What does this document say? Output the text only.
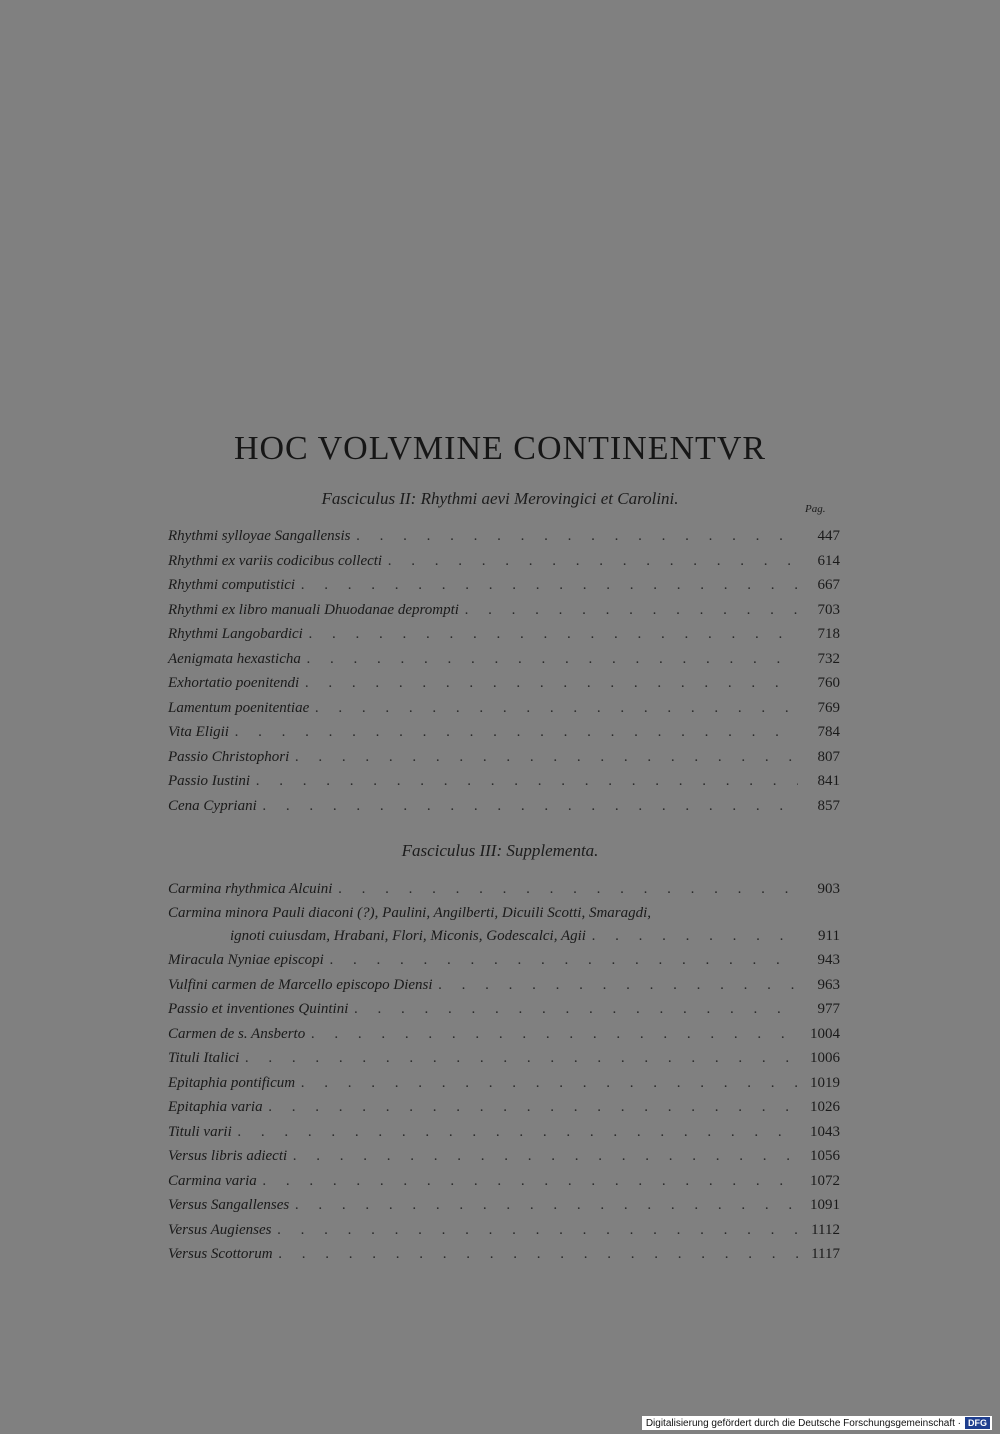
HOC VOLVMINE CONTINENTVR
Fasciculus II: Rhythmi aevi Merovingici et Carolini.
Pag.
Rhythmi sylloyae Sangallensis . . .	447
Rhythmi ex variis codicibus collecti . . .	614
Rhythmi computistici . . .	667
Rhythmi ex libro manuali Dhuodanae deprompti . . .	703
Rhythmi Langobardici . . .	718
Aenigmata hexasticha . . .	732
Exhortatio poenitendi . . .	760
Lamentum poenitentiae . . .	769
Vita Eligii . . .	784
Passio Christophori . . .	807
Passio Iustini . . .	841
Cena Cypriani . . .	857
Fasciculus III: Supplementa.
Carmina rhythmica Alcuini . . .	903
Carmina minora Pauli diaconi (?), Paulini, Angilberti, Dicuili Scotti, Smaragdi,
ignoti cuiusdam, Hrabani, Flori, Miconis, Godescalci, Agii . . .	911
Miracula Nyniae episcopi . . .	943
Vulfini carmen de Marcello episcopo Diensi . . .	963
Passio et inventiones Quintini . . .	977
Carmen de s. Ansberto . . .	1004
Tituli Italici . . .	1006
Epitaphia pontificum . . .	1019
Epitaphia varia . . .	1026
Tituli varii . . .	1043
Versus libris adiecti . . .	1056
Carmina varia . . .	1072
Versus Sangallenses . . .	1091
Versus Augienses . . .	1112
Versus Scottorum . . .	1117
Digitalisierung gefördert durch die Deutsche Forschungsgemeinschaft · DFG
